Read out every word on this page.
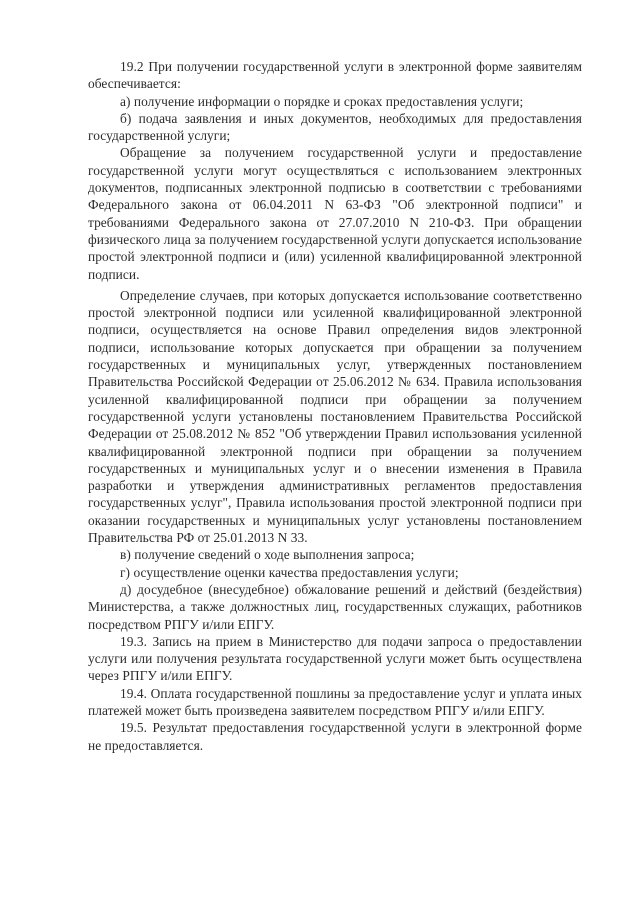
19.2 При получении государственной услуги в электронной форме заявителям обеспечивается:

а) получение информации о порядке и сроках предоставления услуги;

б) подача заявления и иных документов, необходимых для предоставления государственной услуги;

Обращение за получением государственной услуги и предоставление государственной услуги могут осуществляться с использованием электронных документов, подписанных электронной подписью в соответствии с требованиями Федерального закона от 06.04.2011 N 63-ФЗ "Об электронной подписи" и требованиями Федерального закона от 27.07.2010 N 210-ФЗ. При обращении физического лица за получением государственной услуги допускается использование простой электронной подписи и (или) усиленной квалифицированной электронной подписи.

Определение случаев, при которых допускается использование соответственно простой электронной подписи или усиленной квалифицированной электронной подписи, осуществляется на основе Правил определения видов электронной подписи, использование которых допускается при обращении за получением государственных и муниципальных услуг, утвержденных постановлением Правительства Российской Федерации от 25.06.2012 № 634. Правила использования усиленной квалифицированной подписи при обращении за получением государственной услуги установлены постановлением Правительства Российской Федерации от 25.08.2012 № 852 "Об утверждении Правил использования усиленной квалифицированной электронной подписи при обращении за получением государственных и муниципальных услуг и о внесении изменения в Правила разработки и утверждения административных регламентов предоставления государственных услуг", Правила использования простой электронной подписи при оказании государственных и муниципальных услуг установлены постановлением Правительства РФ от 25.01.2013 N 33.

в) получение сведений о ходе выполнения запроса;

г) осуществление оценки качества предоставления услуги;

д) досудебное (внесудебное) обжалование решений и действий (бездействия) Министерства, а также должностных лиц, государственных служащих, работников посредством РПГУ и/или ЕПГУ.

19.3. Запись на прием в Министерство для подачи запроса о предоставлении услуги или получения результата государственной услуги может быть осуществлена через РПГУ и/или ЕПГУ.

19.4. Оплата государственной пошлины за предоставление услуг и уплата иных платежей может быть произведена заявителем посредством РПГУ и/или ЕПГУ.

19.5. Результат предоставления государственной услуги в электронной форме не предоставляется.
